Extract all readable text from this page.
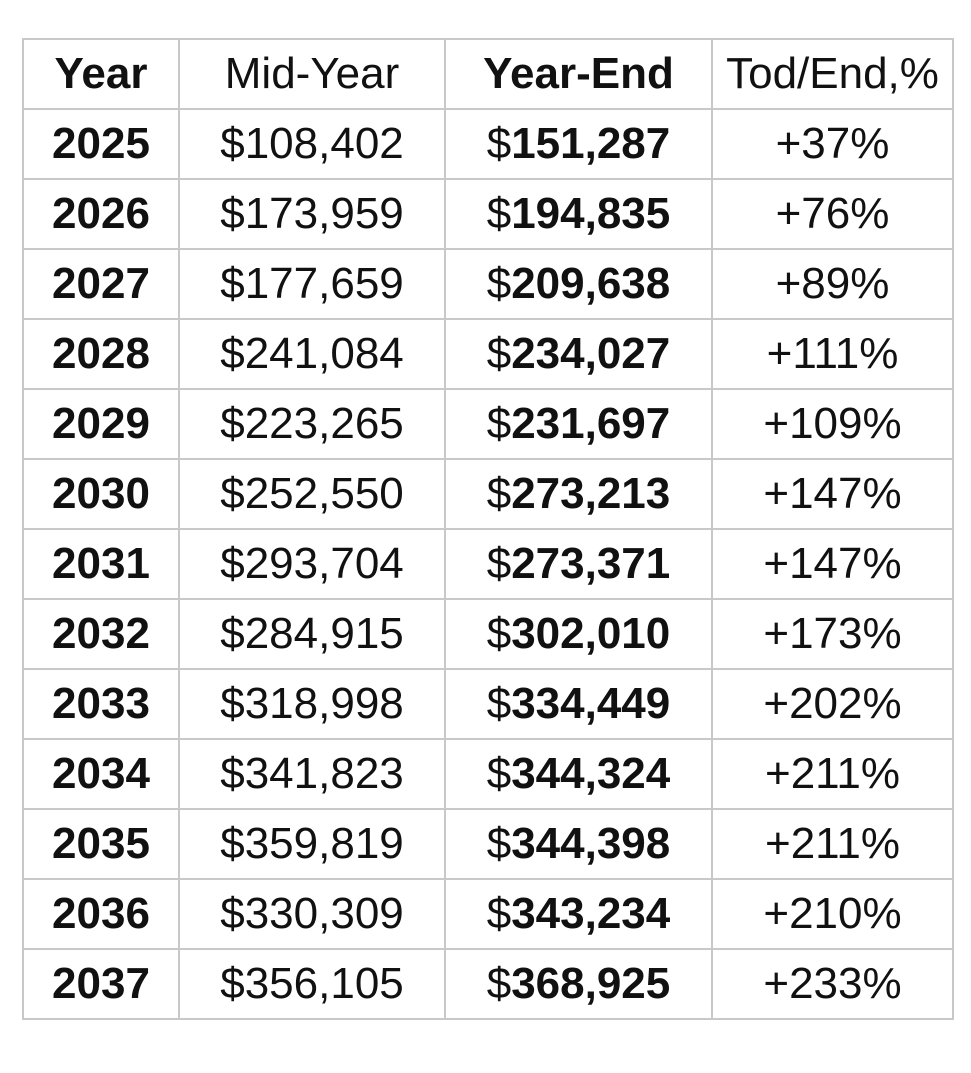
Year	Mid-Year	Year-End	Tod/End,%
2025	$108,402	$151,287	+37%
2026	$173,959	$194,835	+76%
2027	$177,659	$209,638	+89%
2028	$241,084	$234,027	+111%
2029	$223,265	$231,697	+109%
2030	$252,550	$273,213	+147%
2031	$293,704	$273,371	+147%
2032	$284,915	$302,010	+173%
2033	$318,998	$334,449	+202%
2034	$341,823	$344,324	+211%
2035	$359,819	$344,398	+211%
2036	$330,309	$343,234	+210%
2037	$356,105	$368,925	+233%
